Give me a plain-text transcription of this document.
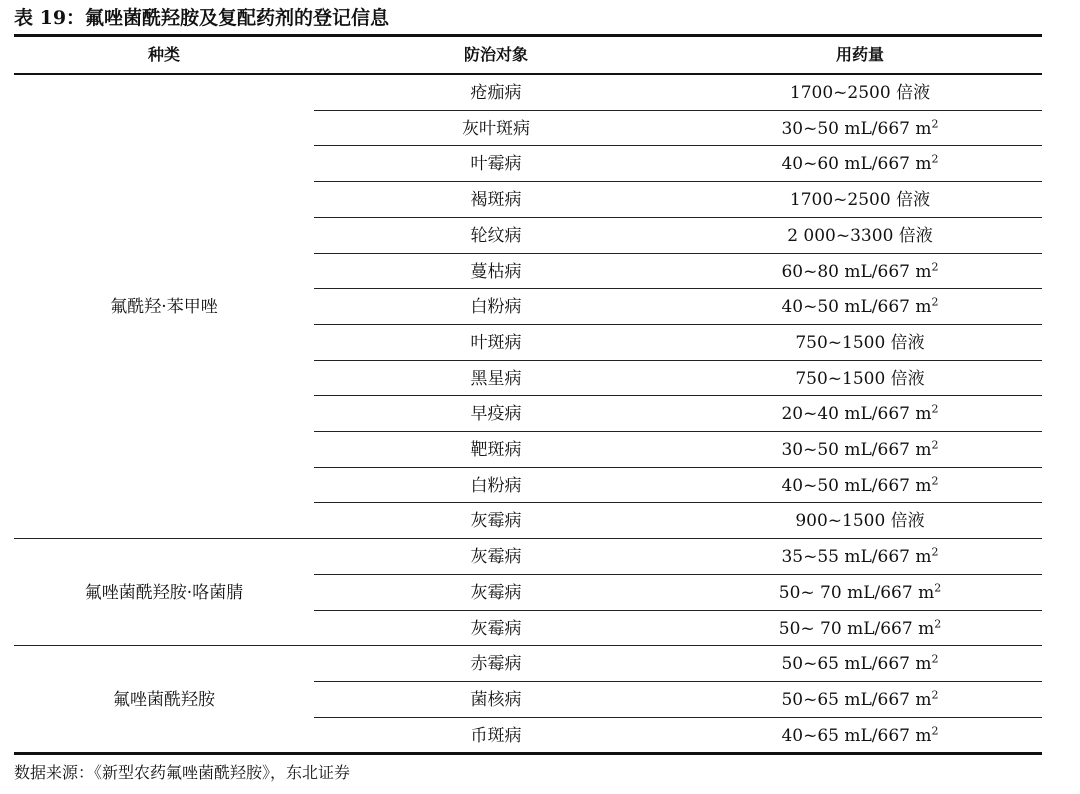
表 19：氟唑菌酰羟胺及复配药剂的登记信息
种类	防治对象	用药量
氟酰羟·苯甲唑
疮痂病	1700~2500 倍液
灰叶斑病	30~50 mL/667 $m^2$
叶霉病	40~60 mL/667 $m^2$
褐斑病	1700~2500 倍液
轮纹病	2 000~3300 倍液
蔓枯病	60~80 mL/667 $m^2$
白粉病	40~50 mL/667 $m^2$
叶斑病	750~1500 倍液
黑星病	750~1500 倍液
早疫病	20~40 mL/667 $m^2$
靶斑病	30~50 mL/667 $m^2$
白粉病	40~50 mL/667 $m^2$
灰霉病	900~1500 倍液
氟唑菌酰羟胺·咯菌腈
灰霉病	35~55 mL/667 $m^2$
灰霉病	50~ 70 mL/667 $m^2$
灰霉病	50~ 70 mL/667 $m^2$
氟唑菌酰羟胺
赤霉病	50~65 mL/667 $m^2$
菌核病	50~65 mL/667 $m^2$
币斑病	40~65 mL/667 $m^2$
数据来源：《新型农药氟唑菌酰羟胺》，东北证券
